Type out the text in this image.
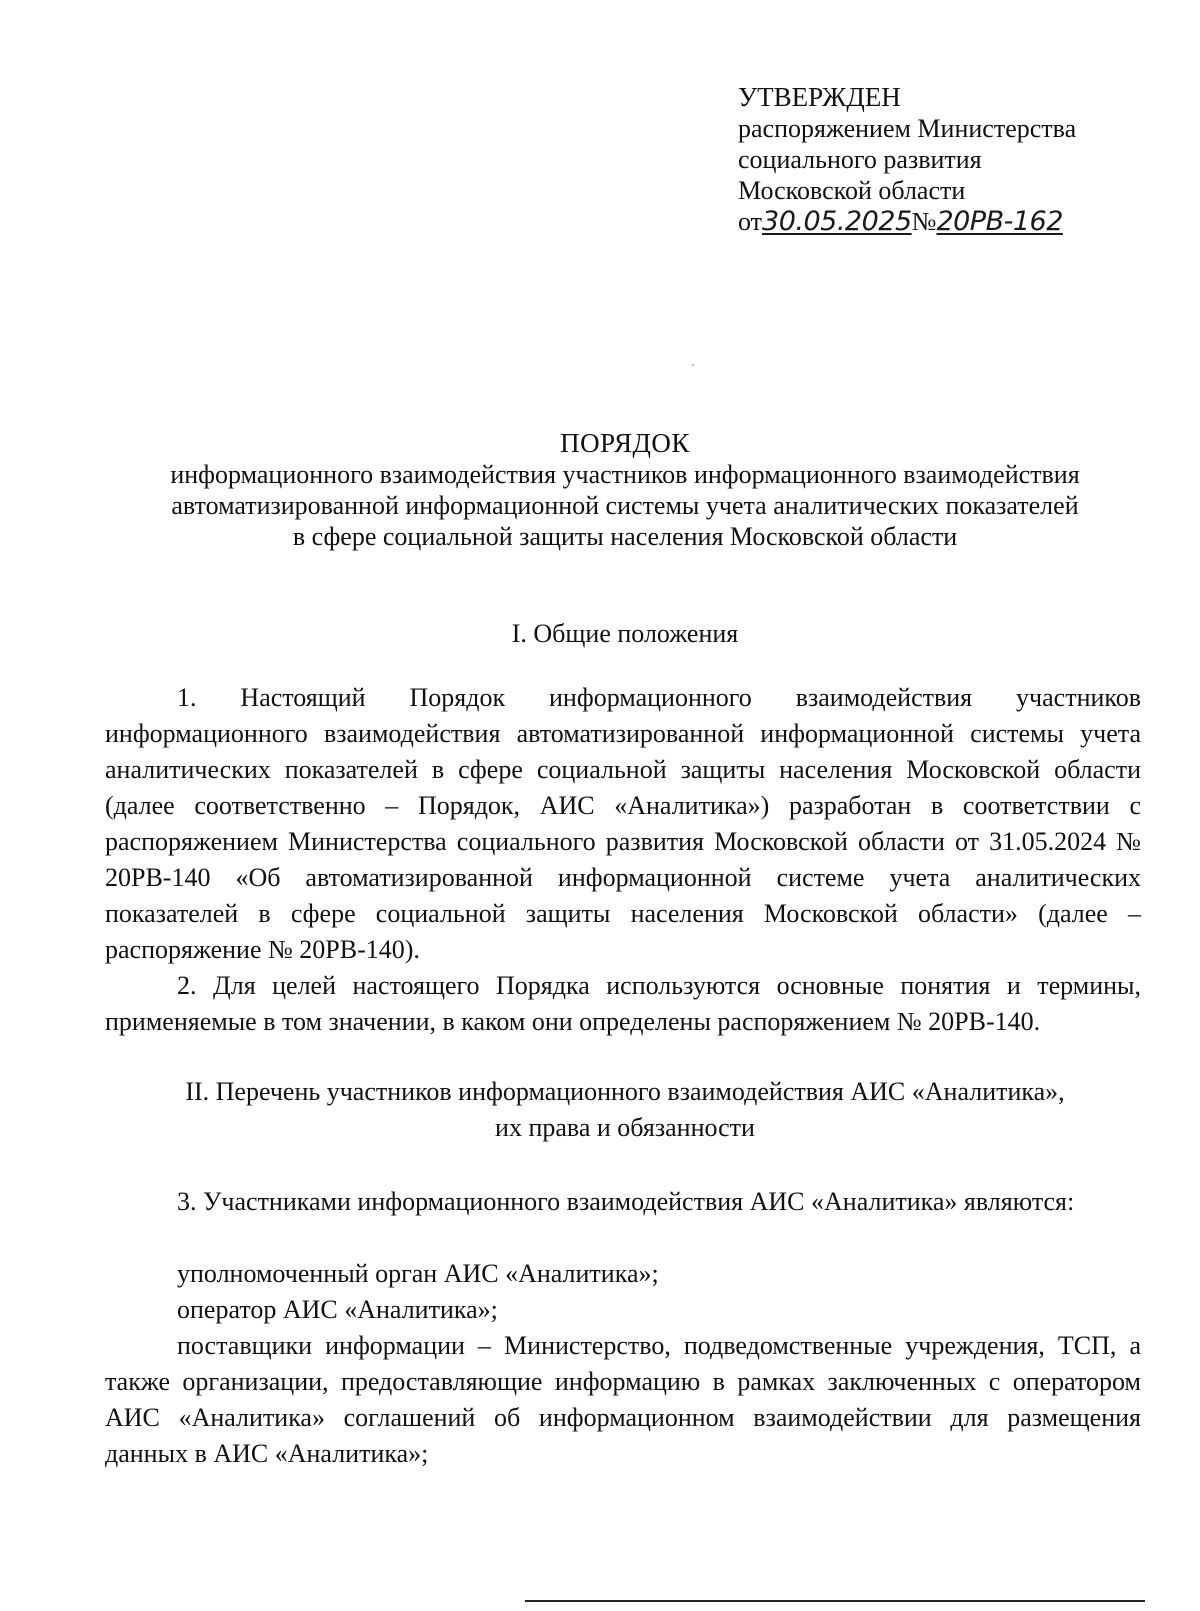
УТВЕРЖДЕН
распоряжением Министерства
социального развития
Московской области
от30.05.2025№20РВ-162
ПОРЯДОК
информационного взаимодействия участников информационного взаимодействия
автоматизированной информационной системы учета аналитических показателей
в сфере социальной защиты населения Московской области
I. Общие положения

1. Настоящий Порядок информационного взаимодействия участников информационного взаимодействия автоматизированной информационной системы учета аналитических показателей в сфере социальной защиты населения Московской области (далее соответственно – Порядок, АИС «Аналитика») разработан в соответствии с распоряжением Министерства социального развития Московской области от 31.05.2024 № 20РВ-140 «Об автоматизированной информационной системе учета аналитических показателей в сфере социальной защиты населения Московской области» (далее – распоряжение № 20РВ-140).

2. Для целей настоящего Порядка используются основные понятия и термины, применяемые в том значении, в каком они определены распоряжением № 20РВ-140.

II. Перечень участников информационного взаимодействия АИС «Аналитика»,
их права и обязанности

3. Участниками информационного взаимодействия АИС «Аналитика» являются:

уполномоченный орган АИС «Аналитика»;

оператор АИС «Аналитика»;

поставщики информации – Министерство, подведомственные учреждения, ТСП, а также организации, предоставляющие информацию в рамках заключенных с оператором АИС «Аналитика» соглашений об информационном взаимодействии для размещения данных в АИС «Аналитика»;
